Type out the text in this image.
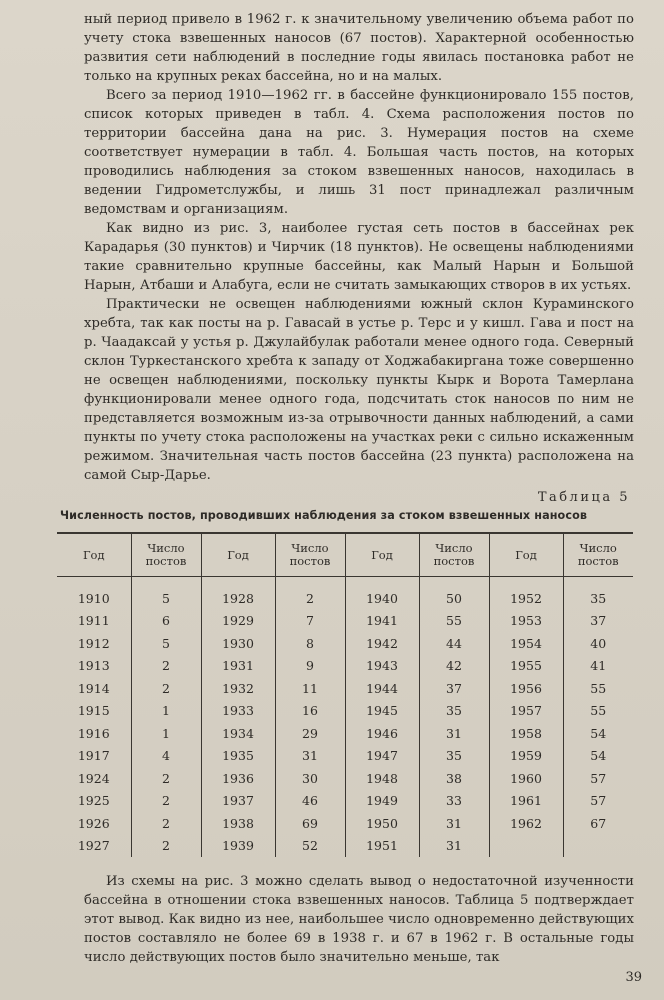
ный период привело в 1962 г. к значительному увеличению объема работ по учету стока взвешенных наносов (67 постов). Характерной особенностью развития сети наблюдений в последние годы явилась постановка работ не только на крупных реках бассейна, но и на малых.

Всего за период 1910—1962 гг. в бассейне функционировало 155 постов, список которых приведен в табл. 4. Схема расположения постов по территории бассейна дана на рис. 3. Нумерация постов на схеме соответствует нумерации в табл. 4. Большая часть постов, на которых проводились наблюдения за стоком взвешенных наносов, находилась в ведении Гидрометслужбы, и лишь 31 пост принадлежал различным ведомствам и организациям.

Как видно из рис. 3, наиболее густая сеть постов в бассейнах рек Карадарья (30 пунктов) и Чирчик (18 пунктов). Не освещены наблюдениями такие сравнительно крупные бассейны, как Малый Нарын и Большой Нарын, Атбаши и Алабуга, если не считать замыкающих створов в их устьях.

Практически не освещен наблюдениями южный склон Кураминского хребта, так как посты на р. Гавасай в устье р. Терс и у кишл. Гава и пост на р. Чаадаксай у устья р. Джулайбулак работали менее одного года. Северный склон Туркестанского хребта к западу от Ходжабакиргана тоже совершенно не освещен наблюдениями, поскольку пункты Кырк и Ворота Тамерлана функционировали менее одного года, подсчитать сток наносов по ним не представляется возможным из-за отрывочности данных наблюдений, а сами пункты по учету стока расположены на участках реки с сильно искаженным режимом. Значительная часть постов бассейна (23 пункта) расположена на самой Сыр-Дарье.

Таблица 5
Численность постов, проводивших наблюдения за стоком взвешенных наносов
Год	Число постов	Год	Число постов	Год	Число постов	Год	Число постов

1910	5	1928	2	1940	50	1952	35
1911	6	1929	7	1941	55	1953	37
1912	5	1930	8	1942	44	1954	40
1913	2	1931	9	1943	42	1955	41
1914	2	1932	11	1944	37	1956	55
1915	1	1933	16	1945	35	1957	55
1916	1	1934	29	1946	31	1958	54
1917	4	1935	31	1947	35	1959	54
1924	2	1936	30	1948	38	1960	57
1925	2	1937	46	1949	33	1961	57
1926	2	1938	69	1950	31	1962	67
1927	2	1939	52	1951	31		

Из схемы на рис. 3 можно сделать вывод о недостаточной изученности бассейна в отношении стока взвешенных наносов. Таблица 5 подтверждает этот вывод. Как видно из нее, наибольшее число одновременно действующих постов составляло не более 69 в 1938 г. и 67 в 1962 г. В остальные годы число действующих постов было значительно меньше, так

39
